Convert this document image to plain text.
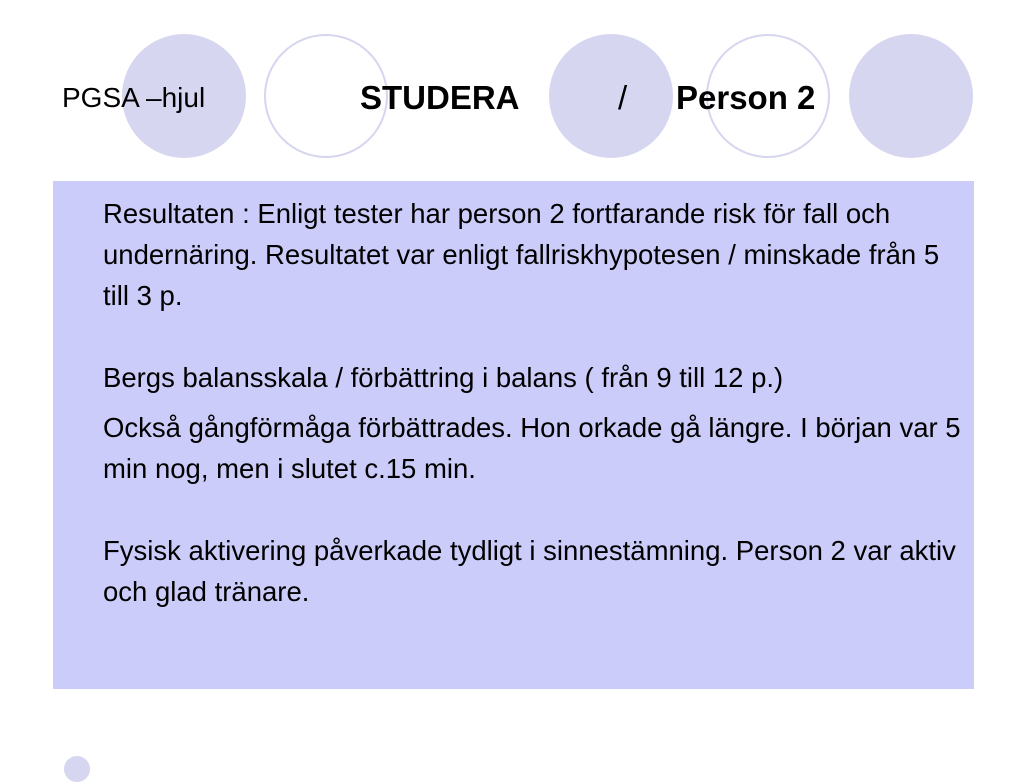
PGSA –hjul	STUDERA	/ Person 2

Resultaten : Enligt tester har person 2 fortfarande risk för fall och undernäring. Resultatet var enligt fallriskhypotesen / minskade från 5 till 3 p.

Bergs balansskala / förbättring i balans ( från 9 till 12 p.)

Också gångförmåga förbättrades. Hon orkade gå längre. I början var 5 min nog, men i slutet c.15 min.

Fysisk aktivering påverkade tydligt i sinnestämning. Person 2 var aktiv och glad tränare.
